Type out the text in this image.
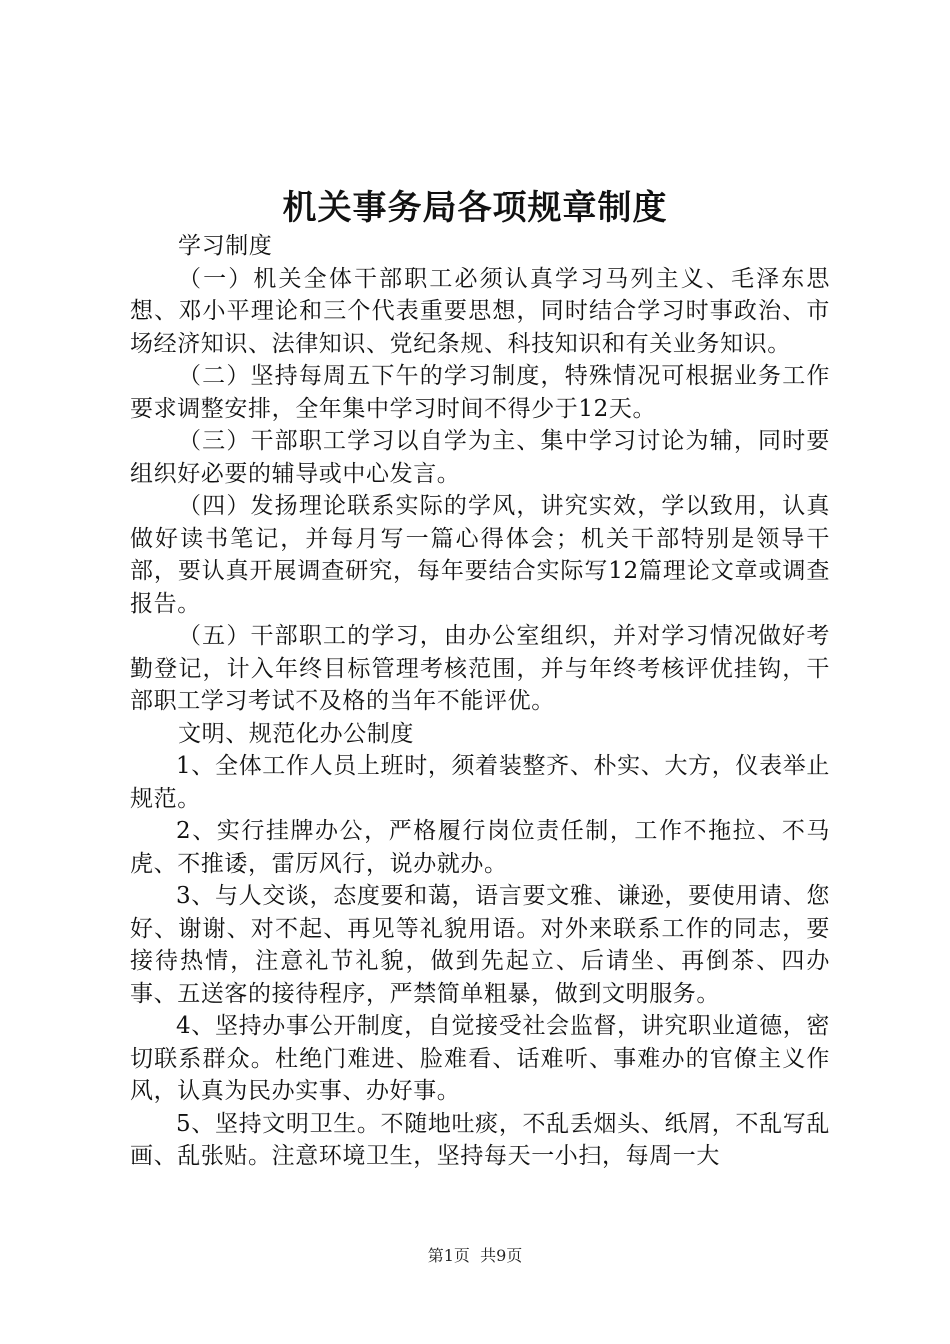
机关事务局各项规章制度

学习制度

（一）机关全体干部职工必须认真学习马列主义、毛泽东思想、邓小平理论和三个代表重要思想，同时结合学习时事政治、市场经济知识、法律知识、党纪条规、科技知识和有关业务知识。

（二）坚持每周五下午的学习制度，特殊情况可根据业务工作要求调整安排，全年集中学习时间不得少于12天。

（三）干部职工学习以自学为主、集中学习讨论为辅，同时要组织好必要的辅导或中心发言。

（四）发扬理论联系实际的学风，讲究实效，学以致用，认真做好读书笔记，并每月写一篇心得体会；机关干部特别是领导干部，要认真开展调查研究，每年要结合实际写12篇理论文章或调查报告。

（五）干部职工的学习，由办公室组织，并对学习情况做好考勤登记，计入年终目标管理考核范围，并与年终考核评优挂钩，干部职工学习考试不及格的当年不能评优。

文明、规范化办公制度

1、全体工作人员上班时，须着装整齐、朴实、大方，仪表举止规范。

2、实行挂牌办公，严格履行岗位责任制，工作不拖拉、不马虎、不推诿，雷厉风行，说办就办。

3、与人交谈，态度要和蔼，语言要文雅、谦逊，要使用请、您好、谢谢、对不起、再见等礼貌用语。对外来联系工作的同志，要接待热情，注意礼节礼貌，做到先起立、后请坐、再倒茶、四办事、五送客的接待程序，严禁简单粗暴，做到文明服务。

4、坚持办事公开制度，自觉接受社会监督，讲究职业道德，密切联系群众。杜绝门难进、脸难看、话难听、事难办的官僚主义作风，认真为民办实事、办好事。

5、坚持文明卫生。不随地吐痰，不乱丢烟头、纸屑，不乱写乱画、乱张贴。注意环境卫生，坚持每天一小扫，每周一大

第1页 共9页
